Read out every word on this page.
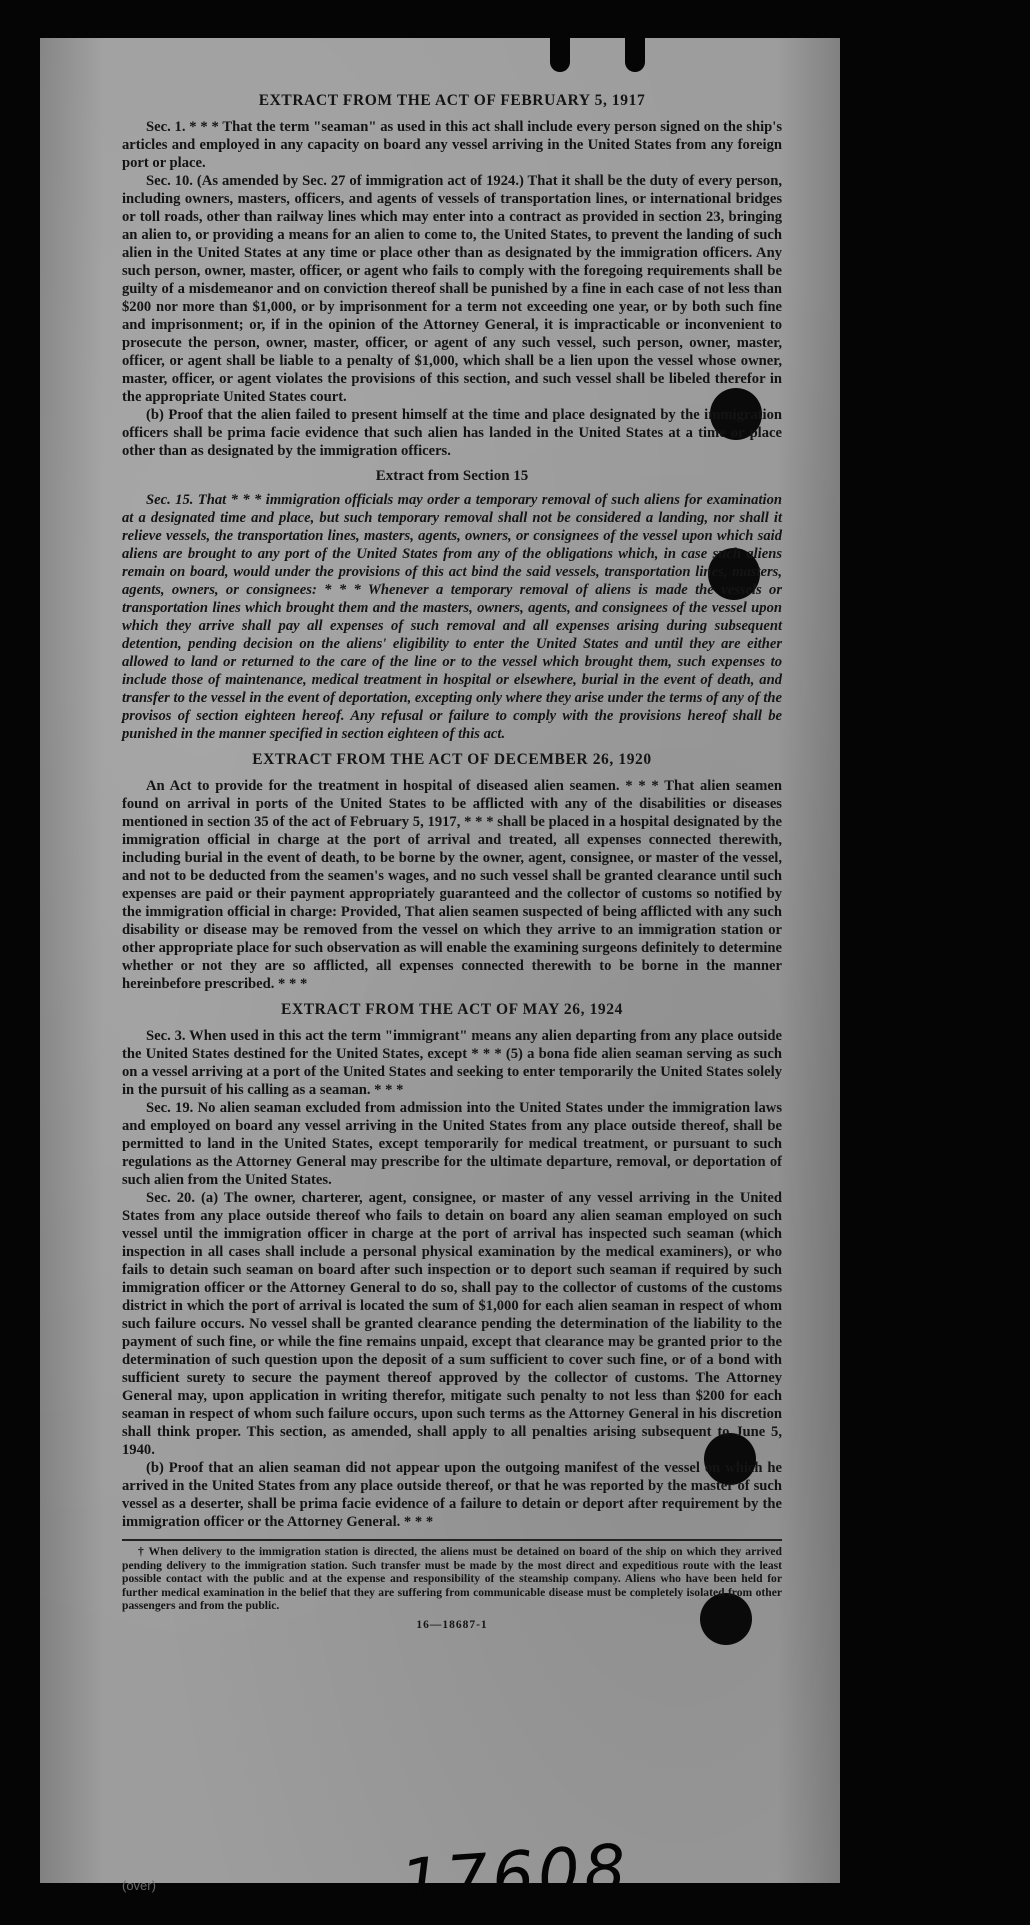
EXTRACT FROM THE ACT OF FEBRUARY 5, 1917

Sec. 1. * * * That the term "seaman" as used in this act shall include every person signed on the ship's articles and employed in any capacity on board any vessel arriving in the United States from any foreign port or place.

Sec. 10. (As amended by Sec. 27 of immigration act of 1924.) That it shall be the duty of every person, including owners, masters, officers, and agents of vessels of transportation lines, or international bridges or toll roads, other than railway lines which may enter into a contract as provided in section 23, bringing an alien to, or providing a means for an alien to come to, the United States, to prevent the landing of such alien in the United States at any time or place other than as designated by the immigration officers. Any such person, owner, master, officer, or agent who fails to comply with the foregoing requirements shall be guilty of a misdemeanor and on conviction thereof shall be punished by a fine in each case of not less than $200 nor more than $1,000, or by imprisonment for a term not exceeding one year, or by both such fine and imprisonment; or, if in the opinion of the Attorney General, it is impracticable or inconvenient to prosecute the person, owner, master, officer, or agent of any such vessel, such person, owner, master, officer, or agent shall be liable to a penalty of $1,000, which shall be a lien upon the vessel whose owner, master, officer, or agent violates the provisions of this section, and such vessel shall be libeled therefor in the appropriate United States court.

(b) Proof that the alien failed to present himself at the time and place designated by the immigration officers shall be prima facie evidence that such alien has landed in the United States at a time or place other than as designated by the immigration officers.

Extract from Section 15

Sec. 15. That * * * immigration officials may order a temporary removal of such aliens for examination at a designated time and place, but such temporary removal shall not be considered a landing, nor shall it relieve vessels, the transportation lines, masters, agents, owners, or consignees of the vessel upon which said aliens are brought to any port of the United States from any of the obligations which, in case such aliens remain on board, would under the provisions of this act bind the said vessels, transportation lines, masters, agents, owners, or consignees: * * * Whenever a temporary removal of aliens is made the vessels or transportation lines which brought them and the masters, owners, agents, and consignees of the vessel upon which they arrive shall pay all expenses of such removal and all expenses arising during subsequent detention, pending decision on the aliens' eligibility to enter the United States and until they are either allowed to land or returned to the care of the line or to the vessel which brought them, such expenses to include those of maintenance, medical treatment in hospital or elsewhere, burial in the event of death, and transfer to the vessel in the event of deportation, excepting only where they arise under the terms of any of the provisos of section eighteen hereof. Any refusal or failure to comply with the provisions hereof shall be punished in the manner specified in section eighteen of this act.

EXTRACT FROM THE ACT OF DECEMBER 26, 1920

An Act to provide for the treatment in hospital of diseased alien seamen. * * * That alien seamen found on arrival in ports of the United States to be afflicted with any of the disabilities or diseases mentioned in section 35 of the act of February 5, 1917, * * * shall be placed in a hospital designated by the immigration official in charge at the port of arrival and treated, all expenses connected therewith, including burial in the event of death, to be borne by the owner, agent, consignee, or master of the vessel, and not to be deducted from the seamen's wages, and no such vessel shall be granted clearance until such expenses are paid or their payment appropriately guaranteed and the collector of customs so notified by the immigration official in charge: Provided, That alien seamen suspected of being afflicted with any such disability or disease may be removed from the vessel on which they arrive to an immigration station or other appropriate place for such observation as will enable the examining surgeons definitely to determine whether or not they are so afflicted, all expenses connected therewith to be borne in the manner hereinbefore prescribed. * * *

EXTRACT FROM THE ACT OF MAY 26, 1924

Sec. 3. When used in this act the term "immigrant" means any alien departing from any place outside the United States destined for the United States, except * * * (5) a bona fide alien seaman serving as such on a vessel arriving at a port of the United States and seeking to enter temporarily the United States solely in the pursuit of his calling as a seaman. * * *

Sec. 19. No alien seaman excluded from admission into the United States under the immigration laws and employed on board any vessel arriving in the United States from any place outside thereof, shall be permitted to land in the United States, except temporarily for medical treatment, or pursuant to such regulations as the Attorney General may prescribe for the ultimate departure, removal, or deportation of such alien from the United States.

Sec. 20. (a) The owner, charterer, agent, consignee, or master of any vessel arriving in the United States from any place outside thereof who fails to detain on board any alien seaman employed on such vessel until the immigration officer in charge at the port of arrival has inspected such seaman (which inspection in all cases shall include a personal physical examination by the medical examiners), or who fails to detain such seaman on board after such inspection or to deport such seaman if required by such immigration officer or the Attorney General to do so, shall pay to the collector of customs of the customs district in which the port of arrival is located the sum of $1,000 for each alien seaman in respect of whom such failure occurs. No vessel shall be granted clearance pending the determination of the liability to the payment of such fine, or while the fine remains unpaid, except that clearance may be granted prior to the determination of such question upon the deposit of a sum sufficient to cover such fine, or of a bond with sufficient surety to secure the payment thereof approved by the collector of customs. The Attorney General may, upon application in writing therefor, mitigate such penalty to not less than $200 for each seaman in respect of whom such failure occurs, upon such terms as the Attorney General in his discretion shall think proper. This section, as amended, shall apply to all penalties arising subsequent to June 5, 1940.

(b) Proof that an alien seaman did not appear upon the outgoing manifest of the vessel on which he arrived in the United States from any place outside thereof, or that he was reported by the master of such vessel as a deserter, shall be prima facie evidence of a failure to detain or deport after requirement by the immigration officer or the Attorney General. * * *

† When delivery to the immigration station is directed, the aliens must be detained on board of the ship on which they arrived pending delivery to the immigration station. Such transfer must be made by the most direct and expeditious route with the least possible contact with the public and at the expense and responsibility of the steamship company. Aliens who have been held for further medical examination in the belief that they are suffering from communicable disease must be completely isolated from other passengers and from the public.
16—18687-1
17608
(over)
